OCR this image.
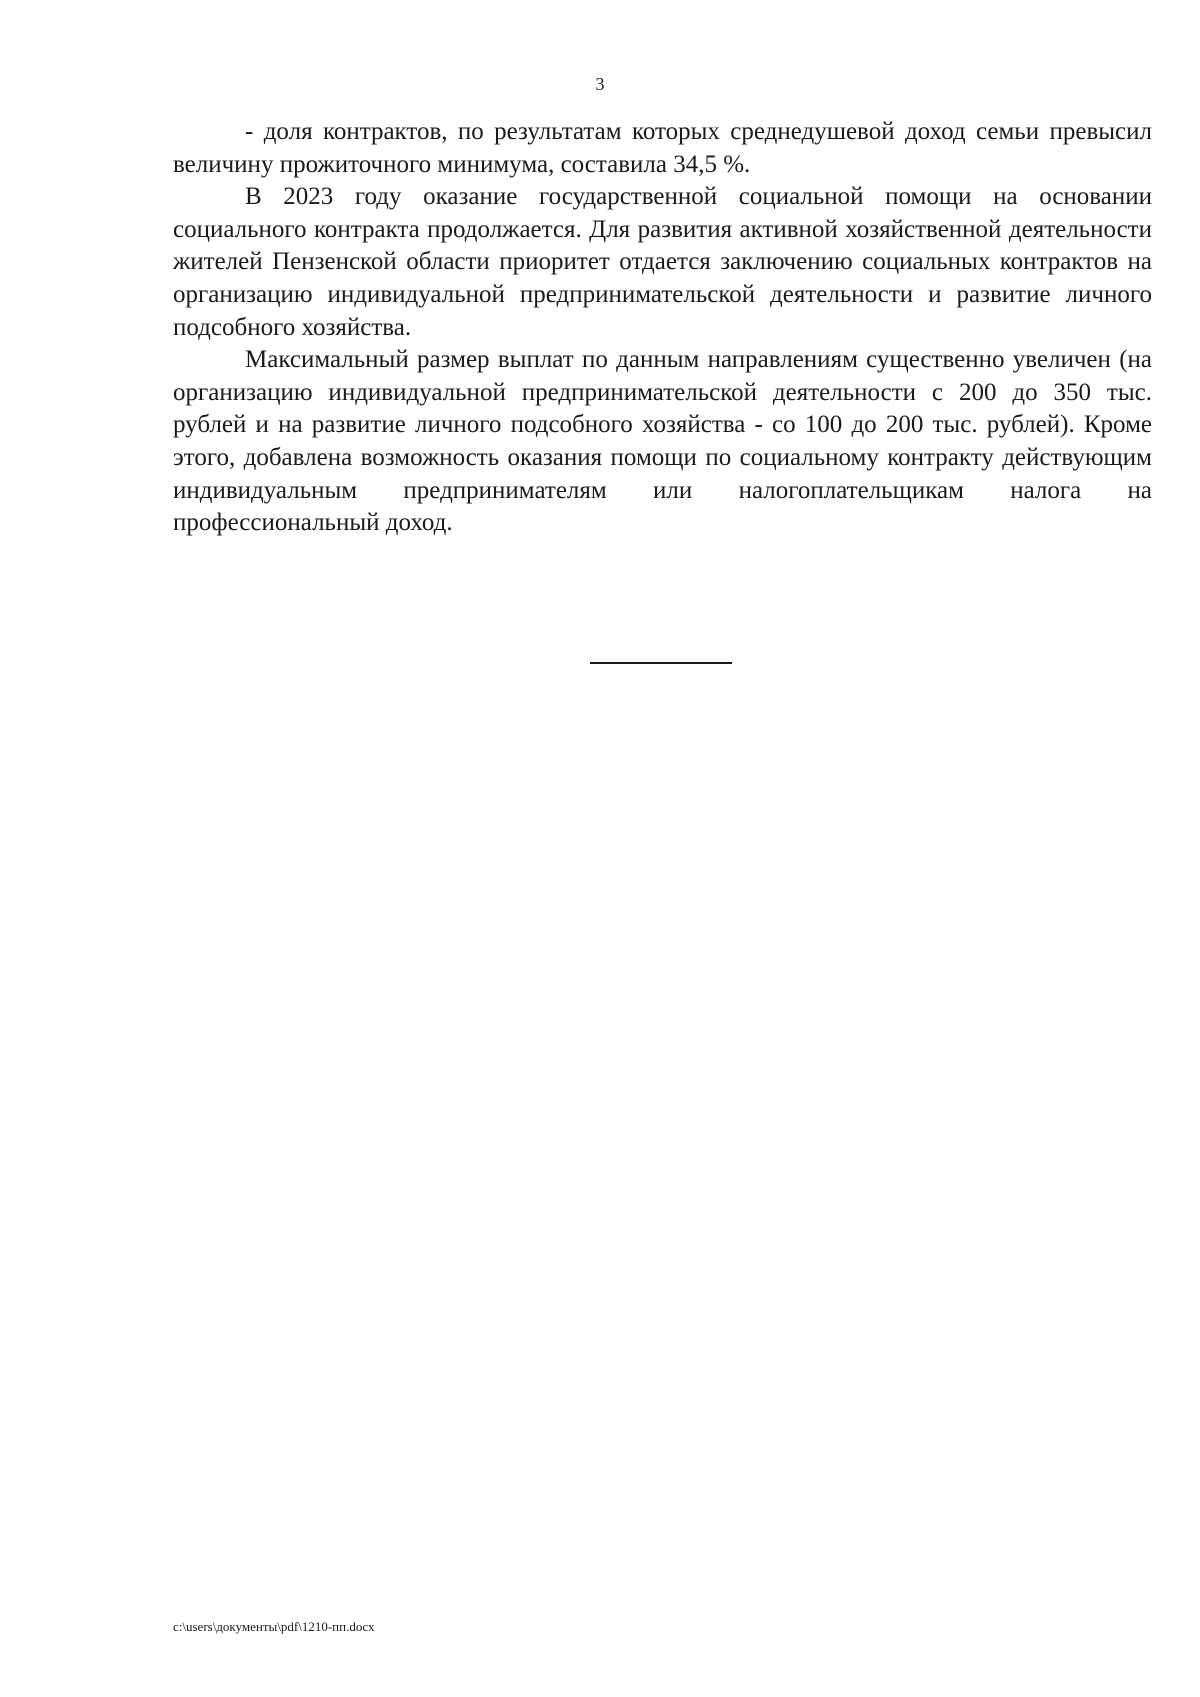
3

- доля контрактов, по результатам которых среднедушевой доход семьи превысил величину прожиточного минимума, составила 34,5 %.

В 2023 году оказание государственной социальной помощи на основании социального контракта продолжается. Для развития активной хозяйственной деятельности жителей Пензенской области приоритет отдается заключению социальных контрактов на организацию индивидуальной предпринимательской деятельности и развитие личного подсобного хозяйства.

Максимальный размер выплат по данным направлениям существенно увеличен (на организацию индивидуальной предпринимательской деятельности с 200 до 350 тыс. рублей и на развитие личного подсобного хозяйства - со 100 до 200 тыс. рублей). Кроме этого, добавлена возможность оказания помощи по социальному контракту действующим индивидуальным предпринимателям или налогоплательщикам налога на профессиональный доход.

c:\users\документы\pdf\1210-пп.docx
